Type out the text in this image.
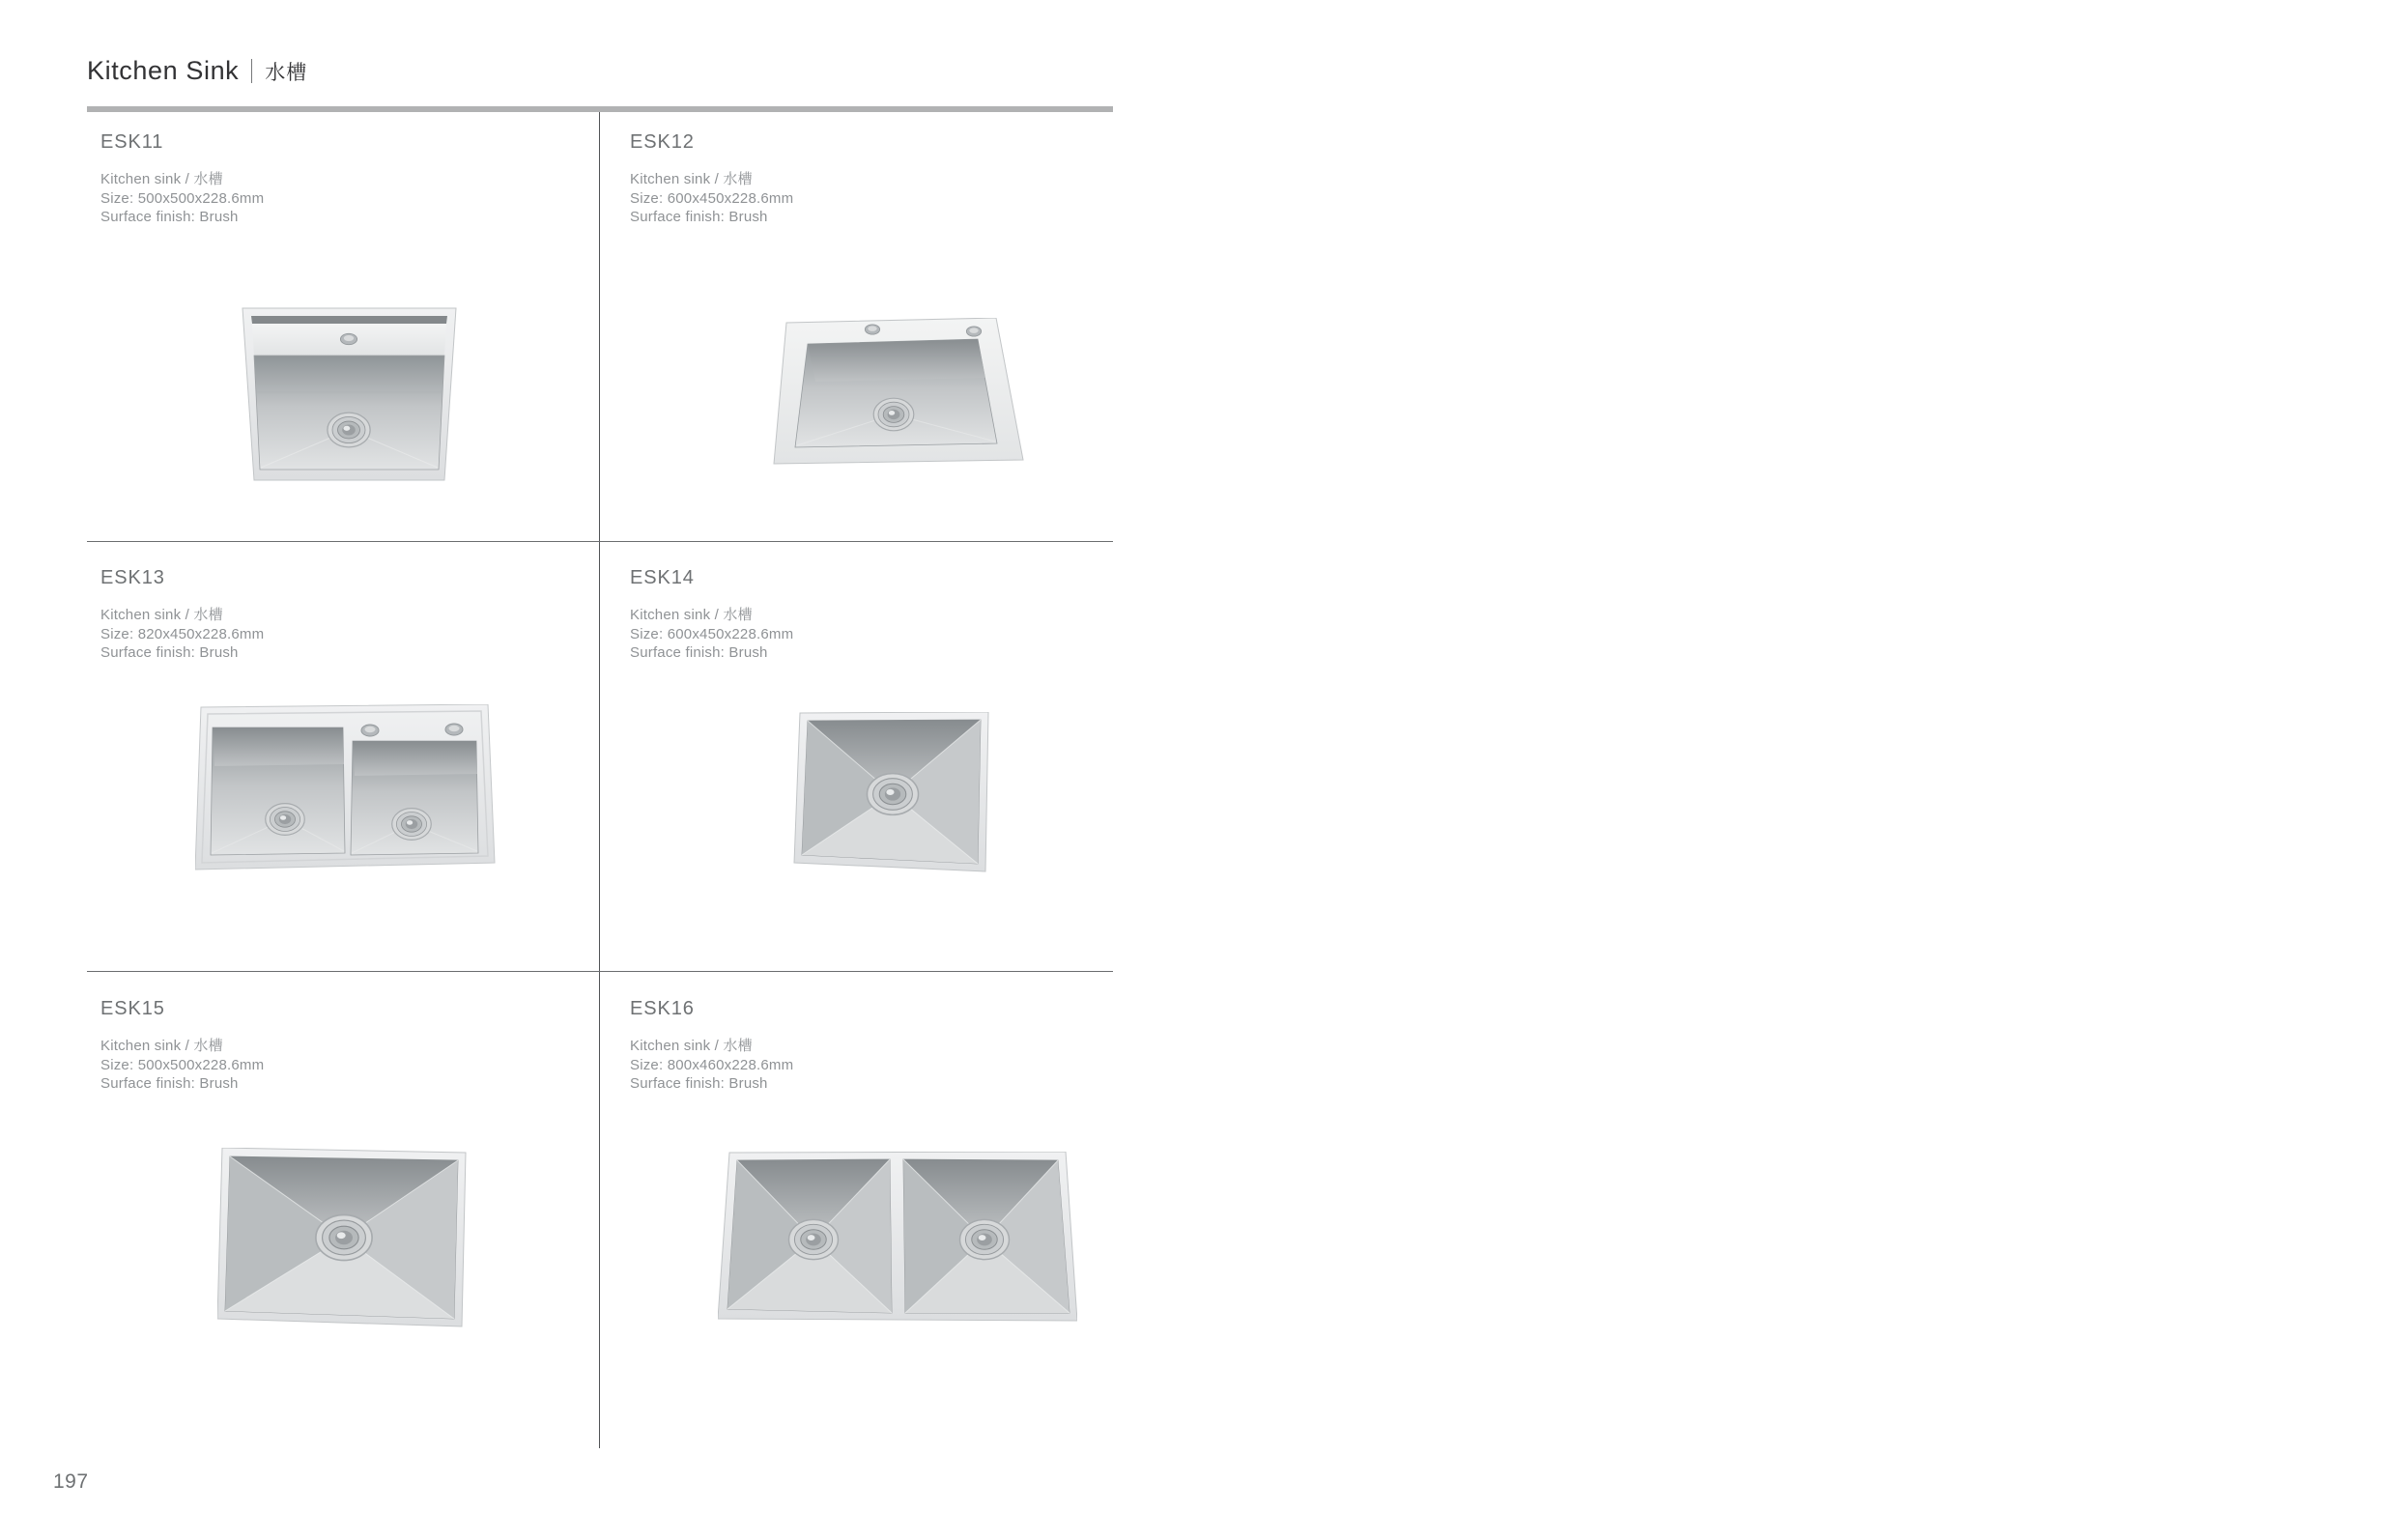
Kitchen Sink 水槽
ESK11
Kitchen sink / 水槽
Size: 500x500x228.6mm
Surface finish: Brush
ESK12
Kitchen sink / 水槽
Size: 600x450x228.6mm
Surface finish: Brush
ESK13
Kitchen sink / 水槽
Size: 820x450x228.6mm
Surface finish: Brush
ESK14
Kitchen sink / 水槽
Size: 600x450x228.6mm
Surface finish: Brush
ESK15
Kitchen sink / 水槽
Size: 500x500x228.6mm
Surface finish: Brush
ESK16
Kitchen sink / 水槽
Size: 800x460x228.6mm
Surface finish: Brush
197
